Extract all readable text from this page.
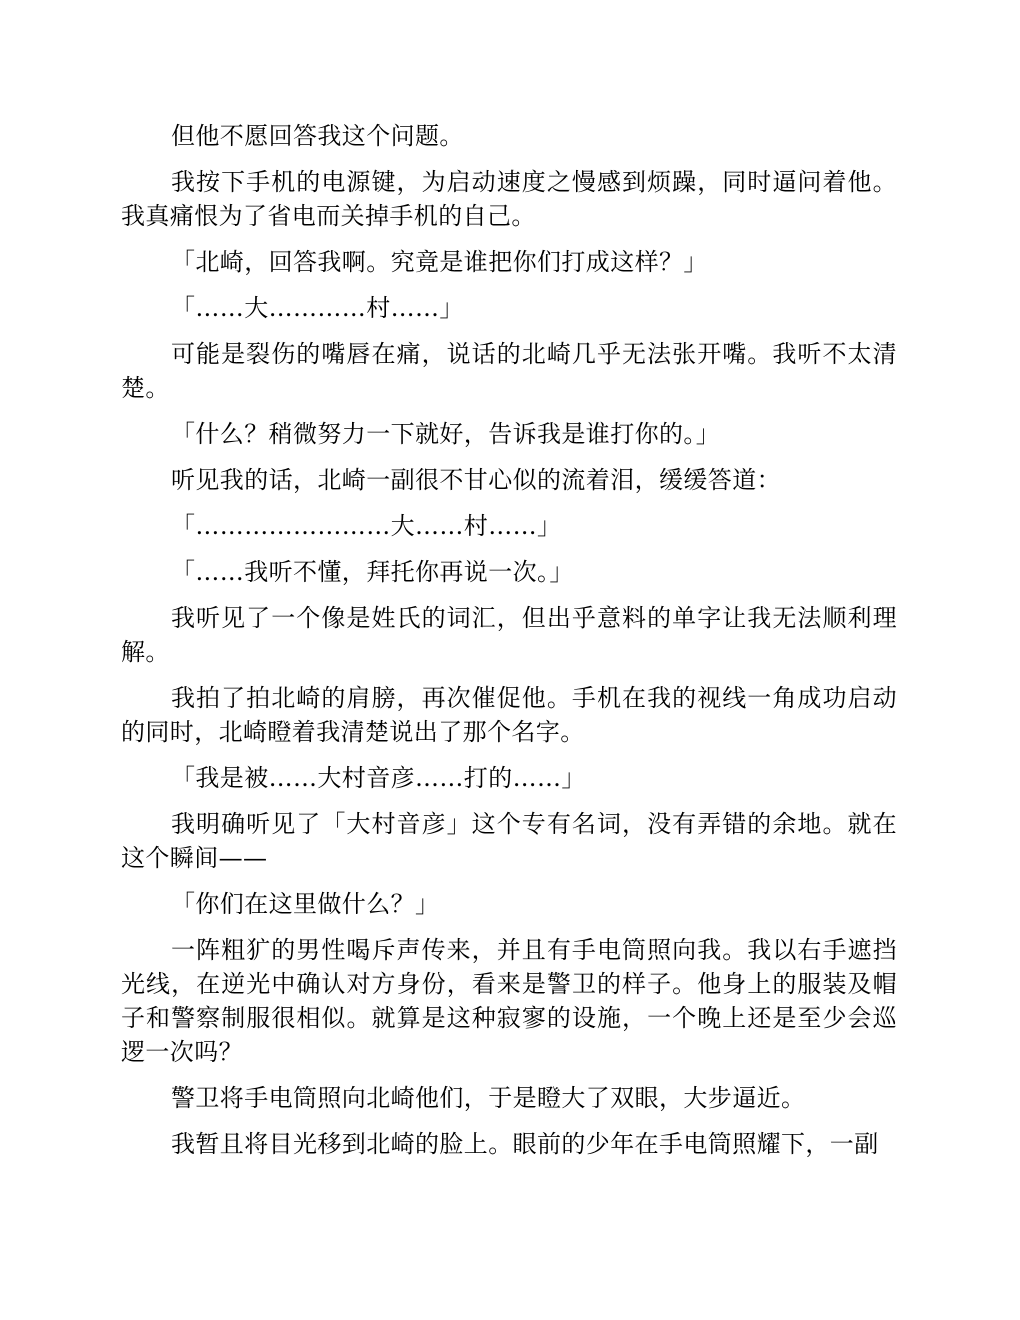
但他不愿回答我这个问题。

我按下手机的电源键，为启动速度之慢感到烦躁，同时逼问着他。我真痛恨为了省电而关掉手机的自己。

「北崎，回答我啊。究竟是谁把你们打成这样？」

「……大…………村……」

可能是裂伤的嘴唇在痛，说话的北崎几乎无法张开嘴。我听不太清楚。

「什么？稍微努力一下就好，告诉我是谁打你的。」

听见我的话，北崎一副很不甘心似的流着泪，缓缓答道：

「……………………大……村……」

「……我听不懂，拜托你再说一次。」

我听见了一个像是姓氏的词汇，但出乎意料的单字让我无法顺利理解。

我拍了拍北崎的肩膀，再次催促他。手机在我的视线一角成功启动的同时，北崎瞪着我清楚说出了那个名字。

「我是被……大村音彦……打的……」

我明确听见了「大村音彦」这个专有名词，没有弄错的余地。就在这个瞬间——

「你们在这里做什么？」

一阵粗犷的男性喝斥声传来，并且有手电筒照向我。我以右手遮挡光线，在逆光中确认对方身份，看来是警卫的样子。他身上的服装及帽子和警察制服很相似。就算是这种寂寥的设施，一个晚上还是至少会巡逻一次吗？

警卫将手电筒照向北崎他们，于是瞪大了双眼，大步逼近。

我暂且将目光移到北崎的脸上。眼前的少年在手电筒照耀下，一副
